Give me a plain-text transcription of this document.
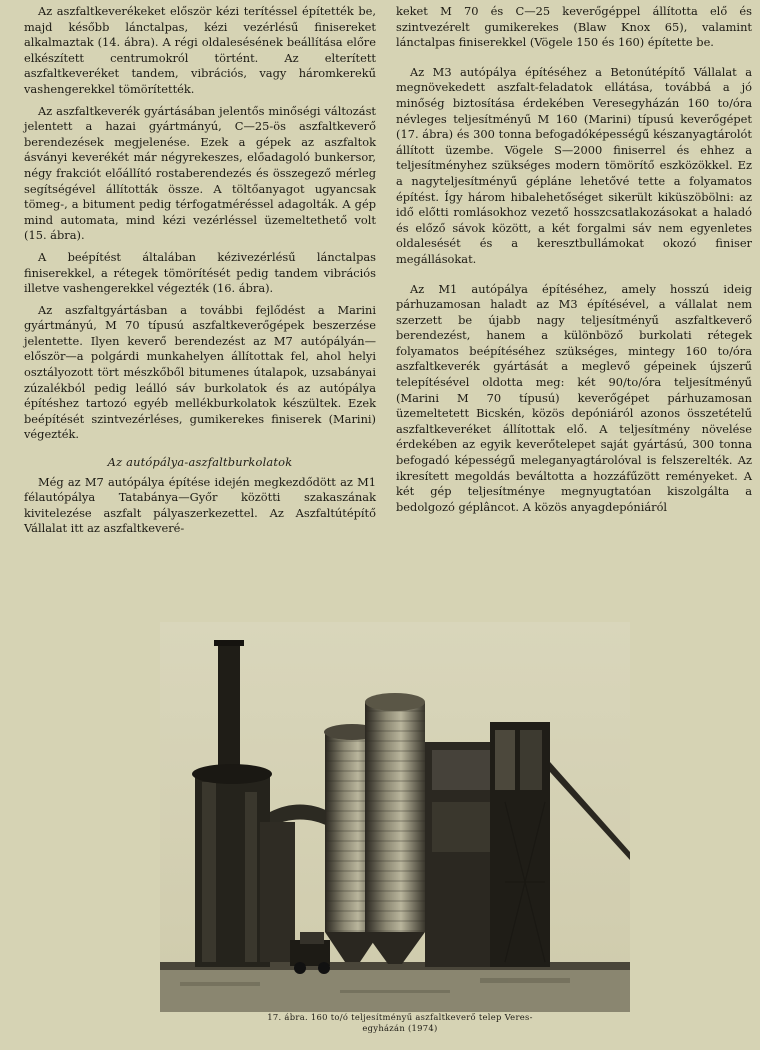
Az aszfaltkeverékeket először kézi terítéssel építették be, majd később lánctalpas, kézi vezérlésű finisereket alkalmaztak (14. ábra). A régi oldalesésének beállítása előre elkészített centrumokról történt. Az elterített aszfaltkeveréket tandem, vibrációs, vagy háromkerekű vashengerekkel tömörítették.

Az aszfaltkeverék gyártásában jelentős minőségi változást jelentett a hazai gyártmányú, C—25-ös aszfaltkeverő berendezések megjelenése. Ezek a gépek az aszfaltok ásványi keverékét már négyrekeszes, előadagoló bunkersor, négy frakciót előállító rostaberendezés és összegező mérleg segítségével állították össze. A töltőanyagot ugyancsak tömeg-, a bitument pedig térfogatméréssel adagolták. A gép mind automata, mind kézi vezérléssel üzemeltethető volt (15. ábra).

A beépítést általában kézivezérlésű lánctalpas finiserekkel, a rétegek tömörítését pedig tandem vibrációs illetve vashengerekkel végezték (16. ábra).

Az aszfaltgyártásban a további fejlődést a Marini gyártmányú, M 70 típusú aszfaltkeverőgépek beszerzése jelentette. Ilyen keverő berendezést az M7 autópályán—először—a polgárdi munkahelyen állítottak fel, ahol helyi osztályozott tört mészkőből bitumenes útalapok, uzsabányai zúzalékból pedig leálló sáv burkolatok és az autópálya építéshez tartozó egyéb mellékburkolatok készültek. Ezek beépítését szintvezérléses, gumikerekes finiserek (Marini) végezték.

Az autópálya-aszfaltburkolatok

Még az M7 autópálya építése idején megkezdődött az M1 félautópálya Tatabánya—Győr közötti szakaszának kivitelezése aszfalt pályaszerkezettel. Az Aszfaltútépítő Vállalat itt az aszfaltkeveré-

keket M 70 és C—25 keverőgéppel állította elő és szintvezérelt gumikerekes (Blaw Knox 65), valamint lánctalpas finiserekkel (Vögele 150 és 160) építette be.

Az M3 autópálya építéséhez a Betonútépítő Vállalat a megnövekedett aszfalt-feladatok ellátása, továbbá a jó minőség biztosítása érdekében Veresegyházán 160 to/óra névleges teljesítményű M 160 (Marini) típusú keverőgépet (17. ábra) és 300 tonna befogadóképességű készanyagtárolót állított üzembe. Vögele S—2000 finiserrel és ehhez a teljesítményhez szükséges modern tömörítő eszközökkel. Ez a nagyteljesítményű gépláne lehetővé tette a folyamatos építést. Így három hibalehetőséget sikerült kiküszöbölni: az idő előtti romlásokhoz vezető hosszcsatlakozásokat a haladó és előző sávok között, a két forgalmi sáv nem egyenletes oldalesését és a keresztbullámokat okozó finiser megállásokat.

Az M1 autópálya építéséhez, amely hosszú ideig párhuzamosan haladt az M3 építésével, a vállalat nem szerzett be újabb nagy teljesítményű aszfaltkeverő berendezést, hanem a különböző burkolati rétegek folyamatos beépítéséhez szükséges, mintegy 160 to/óra aszfaltkeverék gyártását a meglevő gépeinek újszerű telepítésével oldotta meg: két 90/to/óra teljesítményű (Marini M 70 típusú) keverőgépet párhuzamosan üzemeltetett Bicskén, közös depóniáról azonos összetételű aszfaltkeveréket állítottak elő. A teljesítmény növelése érdekében az egyik keverőtelepet saját gyártású, 300 tonna befogadó képességű meleganyagtárolóval is felszerelték. Az ikresített megoldás beváltotta a hozzáfűzött reményeket. A két gép teljesítménye megnyugtatóan kiszolgálta a bedolgozó géplâncot. A közös anyagdepóniáról

17. ábra. 160 to/ó teljesítményű aszfaltkeverő telep Veres-
egyházán (1974)
